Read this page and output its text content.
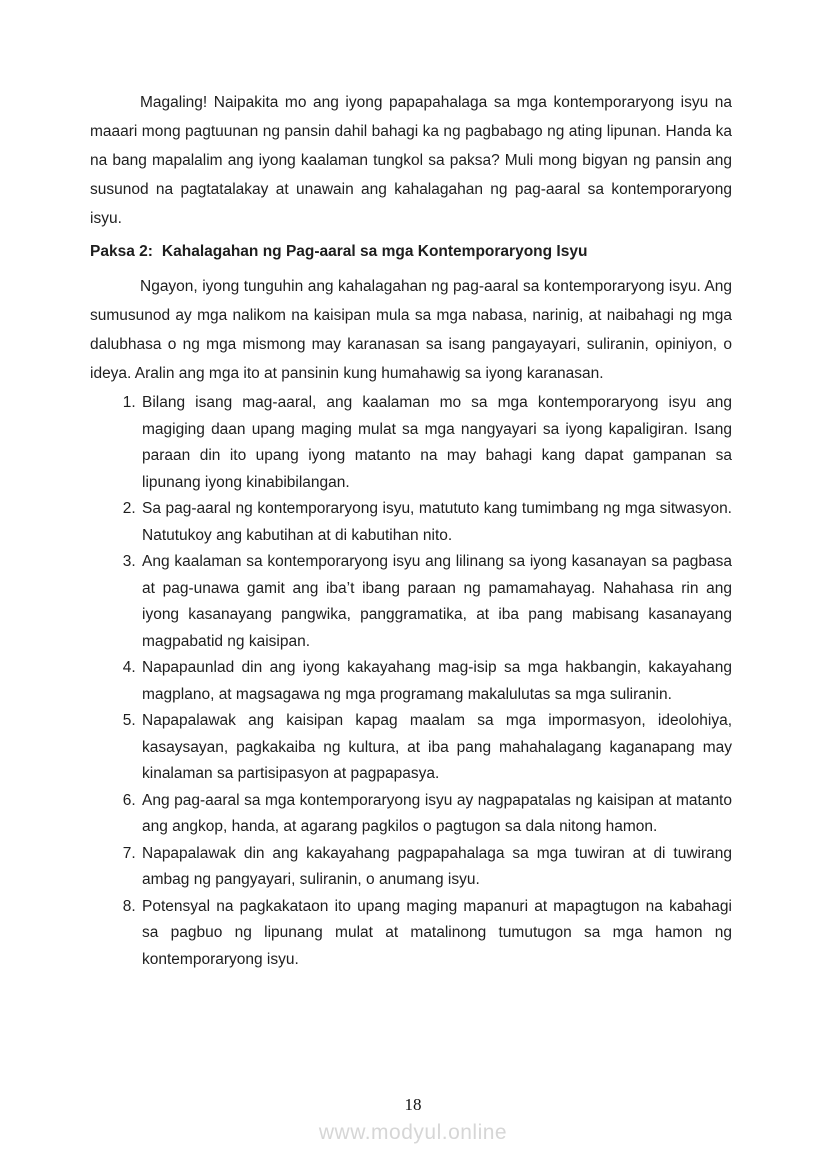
Magaling! Naipakita mo ang iyong papapahalaga sa mga kontemporaryong isyu na maaari mong pagtuunan ng pansin dahil bahagi ka ng pagbabago ng ating lipunan. Handa ka na bang mapalalim ang iyong kaalaman tungkol sa paksa? Muli mong bigyan ng pansin ang susunod na pagtatalakay at unawain ang kahalagahan ng pag-aaral sa kontemporaryong isyu.

Paksa 2: Kahalagahan ng Pag-aaral sa mga Kontemporaryong Isyu

Ngayon, iyong tunguhin ang kahalagahan ng pag-aaral sa kontemporaryong isyu. Ang sumusunod ay mga nalikom na kaisipan mula sa mga nabasa, narinig, at naibahagi ng mga dalubhasa o ng mga mismong may karanasan sa isang pangayayari, suliranin, opiniyon, o ideya. Aralin ang mga ito at pansinin kung humahawig sa iyong karanasan.

1. Bilang isang mag-aaral, ang kaalaman mo sa mga kontemporaryong isyu ang magiging daan upang maging mulat sa mga nangyayari sa iyong kapaligiran. Isang paraan din ito upang iyong matanto na may bahagi kang dapat gampanan sa lipunang iyong kinabibilangan.
2. Sa pag-aaral ng kontemporaryong isyu, matututo kang tumimbang ng mga sitwasyon. Natutukoy ang kabutihan at di kabutihan nito.
3. Ang kaalaman sa kontemporaryong isyu ang lilinang sa iyong kasanayan sa pagbasa at pag-unawa gamit ang iba’t ibang paraan ng pamamahayag. Nahahasa rin ang iyong kasanayang pangwika, panggramatika, at iba pang mabisang kasanayang magpabatid ng kaisipan.
4. Napapaunlad din ang iyong kakayahang mag-isip sa mga hakbangin, kakayahang magplano, at magsagawa ng mga programang makalulutas sa mga suliranin.
5. Napapalawak ang kaisipan kapag maalam sa mga impormasyon, ideolohiya, kasaysayan, pagkakaiba ng kultura, at iba pang mahahalagang kaganapang may kinalaman sa partisipasyon at pagpapasya.
6. Ang pag-aaral sa mga kontemporaryong isyu ay nagpapatalas ng kaisipan at matanto ang angkop, handa, at agarang pagkilos o pagtugon sa dala nitong hamon.
7. Napapalawak din ang kakayahang pagpapahalaga sa mga tuwiran at di tuwirang ambag ng pangyayari, suliranin, o anumang isyu.
8. Potensyal na pagkakataon ito upang maging mapanuri at mapagtugon na kabahagi sa pagbuo ng lipunang mulat at matalinong tumutugon sa mga hamon ng kontemporaryong isyu.
18
www.modyul.online
